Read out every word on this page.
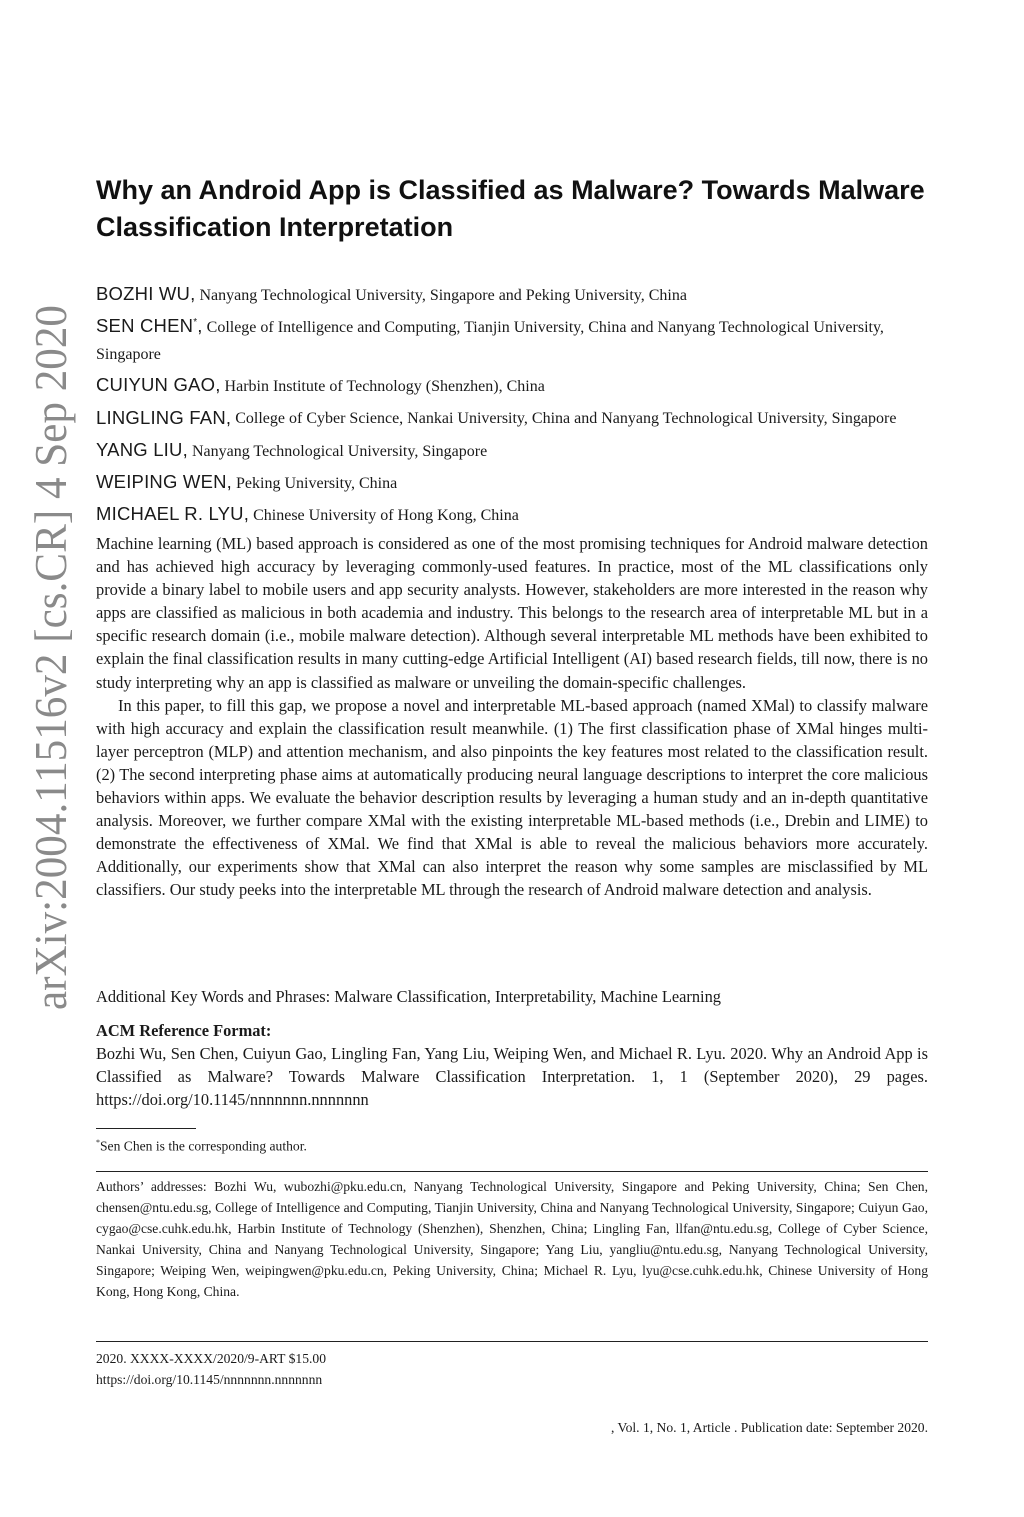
arXiv:2004.11516v2 [cs.CR] 4 Sep 2020
Why an Android App is Classified as Malware? Towards Malware Classification Interpretation
BOZHI WU, Nanyang Technological University, Singapore and Peking University, China
SEN CHEN*, College of Intelligence and Computing, Tianjin University, China and Nanyang Technological University, Singapore
CUIYUN GAO, Harbin Institute of Technology (Shenzhen), China
LINGLING FAN, College of Cyber Science, Nankai University, China and Nanyang Technological University, Singapore
YANG LIU, Nanyang Technological University, Singapore
WEIPING WEN, Peking University, China
MICHAEL R. LYU, Chinese University of Hong Kong, China

Machine learning (ML) based approach is considered as one of the most promising techniques for Android malware detection and has achieved high accuracy by leveraging commonly-used features. In practice, most of the ML classifications only provide a binary label to mobile users and app security analysts. However, stakeholders are more interested in the reason why apps are classified as malicious in both academia and industry. This belongs to the research area of interpretable ML but in a specific research domain (i.e., mobile malware detection). Although several interpretable ML methods have been exhibited to explain the final classification results in many cutting-edge Artificial Intelligent (AI) based research fields, till now, there is no study interpreting why an app is classified as malware or unveiling the domain-specific challenges.

In this paper, to fill this gap, we propose a novel and interpretable ML-based approach (named XMal) to classify malware with high accuracy and explain the classification result meanwhile. (1) The first classification phase of XMal hinges multi-layer perceptron (MLP) and attention mechanism, and also pinpoints the key features most related to the classification result. (2) The second interpreting phase aims at automatically producing neural language descriptions to interpret the core malicious behaviors within apps. We evaluate the behavior description results by leveraging a human study and an in-depth quantitative analysis. Moreover, we further compare XMal with the existing interpretable ML-based methods (i.e., Drebin and LIME) to demonstrate the effectiveness of XMal. We find that XMal is able to reveal the malicious behaviors more accurately. Additionally, our experiments show that XMal can also interpret the reason why some samples are misclassified by ML classifiers. Our study peeks into the interpretable ML through the research of Android malware detection and analysis.

Additional Key Words and Phrases: Malware Classification, Interpretability, Machine Learning
ACM Reference Format:
Bozhi Wu, Sen Chen, Cuiyun Gao, Lingling Fan, Yang Liu, Weiping Wen, and Michael R. Lyu. 2020. Why an Android App is Classified as Malware? Towards Malware Classification Interpretation. 1, 1 (September 2020), 29 pages. https://doi.org/10.1145/nnnnnnn.nnnnnnn
*Sen Chen is the corresponding author.
Authors’ addresses: Bozhi Wu, wubozhi@pku.edu.cn, Nanyang Technological University, Singapore and Peking University, China; Sen Chen, chensen@ntu.edu.sg, College of Intelligence and Computing, Tianjin University, China and Nanyang Technological University, Singapore; Cuiyun Gao, cygao@cse.cuhk.edu.hk, Harbin Institute of Technology (Shenzhen), Shenzhen, China; Lingling Fan, llfan@ntu.edu.sg, College of Cyber Science, Nankai University, China and Nanyang Technological University, Singapore; Yang Liu, yangliu@ntu.edu.sg, Nanyang Technological University, Singapore; Weiping Wen, weipingwen@pku.edu.cn, Peking University, China; Michael R. Lyu, lyu@cse.cuhk.edu.hk, Chinese University of Hong Kong, Hong Kong, China.
2020. XXXX-XXXX/2020/9-ART $15.00
https://doi.org/10.1145/nnnnnnn.nnnnnnn
, Vol. 1, No. 1, Article . Publication date: September 2020.
